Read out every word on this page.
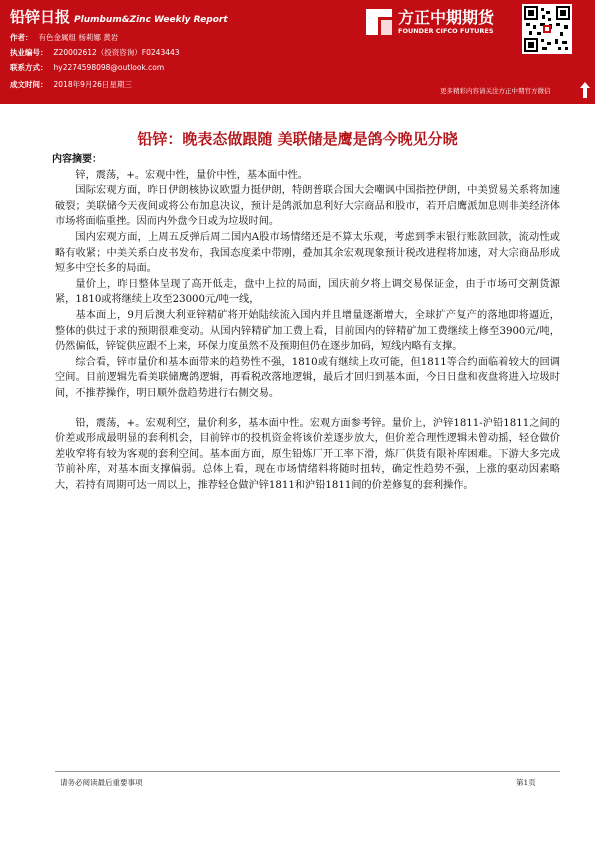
铅锌日报 Plumbum&Zinc Weekly Report
作者： 有色金属组 杨莉娜 黄岩
执业编号： Z20002612（投资咨询）F0243443
联系方式： hy2274598098@outlook.com
成文时间： 2018年9月26日星期三
方正中期期货
FOUNDER CIFCO FUTURES
更多精彩内容请关注方正中期官方微信
铅锌：晚表态做跟随 美联储是鹰是鸽今晚见分晓
内容摘要：

锌，震荡，+。宏观中性，量价中性，基本面中性。

国际宏观方面，昨日伊朗核协议欧盟力挺伊朗，特朗普联合国大会嘲讽中国指控伊朗，中美贸易关系将加速破裂；美联储今天夜间或将公布加息决议，预计是鸽派加息利好大宗商品和股市，若开启鹰派加息则非美经济体市场将面临重挫。因而内外盘今日或为垃圾时间。

国内宏观方面，上周五反弹后周二国内A股市场情绪还是不算太乐观，考虑到季末银行账款回款，流动性或略有收紧；中美关系白皮书发布，我国态度柔中带刚，叠加其余宏观现象预计税改进程将加速，对大宗商品形成短多中空长多的局面。

量价上，昨日整体呈现了高开低走，盘中上拉的局面，国庆前夕将上调交易保证金，由于市场可交割货源紧，1810或将继续上攻至23000元/吨一线，

基本面上，9月后澳大利亚锌精矿将开始陆续流入国内并且增量逐渐增大，全球扩产复产的落地即将逼近，整体的供过于求的预期很难变动。从国内锌精矿加工费上看，目前国内的锌精矿加工费继续上修至3900元/吨，仍然偏低，锌锭供应跟不上来，环保力度虽然不及预期但仍在逐步加码，短线内略有支撑。

综合看，锌市量价和基本面带来的趋势性不强，1810或有继续上攻可能，但1811等合约面临着较大的回调空间。目前逻辑先看美联储鹰鸽逻辑，再看税改落地逻辑，最后才回归到基本面，今日日盘和夜盘将进入垃圾时间，不推荐操作，明日顺外盘趋势进行右侧交易。

铅，震荡，+。宏观利空，量价利多，基本面中性。宏观方面参考锌。量价上，沪锌1811-沪铅1811之间的价差或形成最明显的套利机会，目前锌市的投机资金将该价差逐步放大，但价差合理性逻辑未曾动摇，轻仓做价差收窄将有较为客观的套利空间。基本面方面，原生铅炼厂开工率下滑，炼厂供货有限补库困难。下游大多完成节前补库，对基本面支撑偏弱。总体上看，现在市场情绪料将随时扭转，确定性趋势不强，上涨的驱动因素略大，若持有周期可达一周以上，推荐轻仓做沪锌1811和沪铅1811间的价差修复的套利操作。

请务必阅读最后重要事项	第1页
